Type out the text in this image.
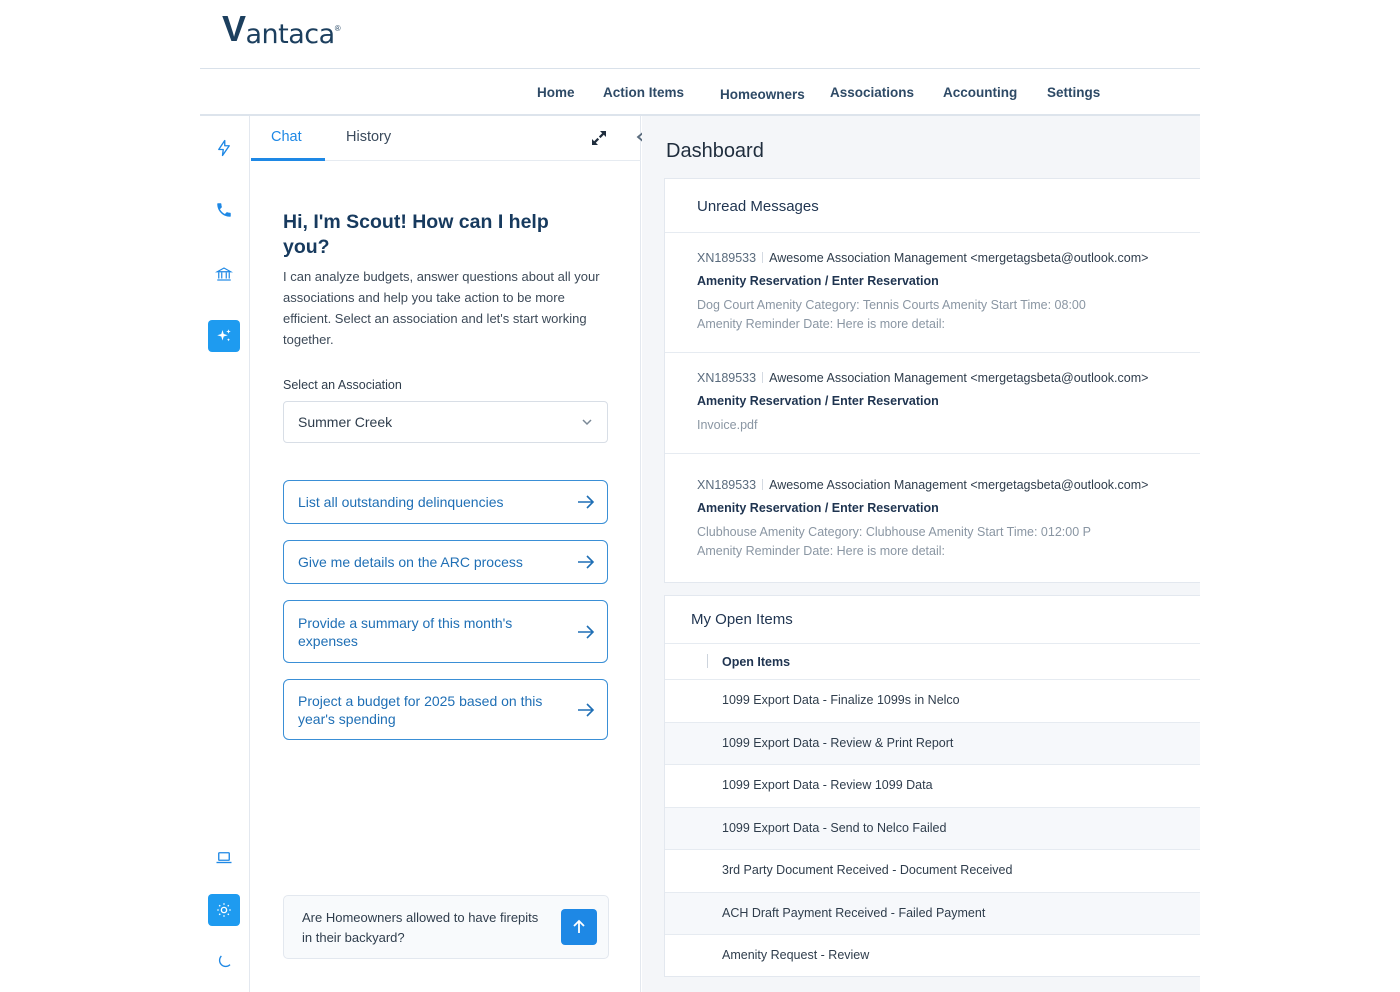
V antaca ®
Home Action Items	Homeowners Associations Accounting Settings
Chat	History
Hi, I'm Scout! How can I help you?
I can analyze budgets, answer questions about all your associations and help you take action to be more efficient. Select an association and let's start working together.
Select an Association
Summer Creek
List all outstanding delinquencies
Give me details on the ARC process
Provide a summary of this month's expenses
Project a budget for 2025 based on this year's spending
Are Homeowners allowed to have firepits in their backyard?
Dashboard
Unread Messages
XN189533 Awesome Association Management <mergetagsbeta@outlook.com>
Amenity Reservation / Enter Reservation
Dog Court Amenity Category: Tennis Courts Amenity Start Time: 08:00
Amenity Reminder Date: Here is more detail:
XN189533 Awesome Association Management <mergetagsbeta@outlook.com>
Amenity Reservation / Enter Reservation
Invoice.pdf
XN189533 Awesome Association Management <mergetagsbeta@outlook.com>
Amenity Reservation / Enter Reservation
Clubhouse Amenity Category: Clubhouse Amenity Start Time: 012:00 P
Amenity Reminder Date: Here is more detail:
My Open Items
Open Items
1099 Export Data - Finalize 1099s in Nelco
1099 Export Data - Review & Print Report
1099 Export Data - Review 1099 Data
1099 Export Data - Send to Nelco Failed
3rd Party Document Received - Document Received
ACH Draft Payment Received - Failed Payment
Amenity Request - Review
